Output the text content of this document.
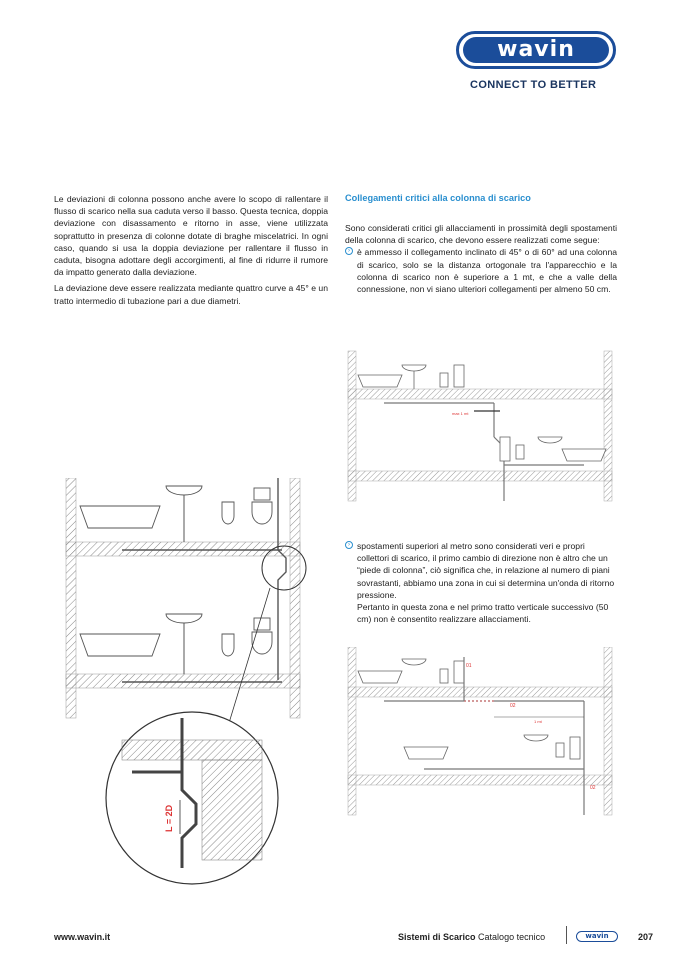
wavin
CONNECT TO BETTER

Le deviazioni di colonna possono anche avere lo scopo di rallentare il flusso di scarico nella sua caduta verso il basso. Questa tecnica, doppia deviazione con disassamento e ritorno in asse, viene utilizzata soprattutto in presenza di colonne dotate di braghe miscelatrici. In ogni caso, quando si usa la doppia deviazione per rallentare il flusso in caduta, bisogna adottare degli accorgimenti, al fine di ridurre il rumore da impatto generato dalla deviazione.

La deviazione deve essere realizzata mediante quattro curve a 45° e un tratto intermedio di tubazione pari a due diametri.

Collegamenti critici alla colonna di scarico

Sono considerati critici gli allacciamenti in prossimità degli spostamenti della colonna di scarico, che devono essere realizzati come segue:

› è ammesso il collegamento inclinato di 45° o di 60° ad una colonna di scarico, solo se la distanza ortogonale tra l'apparecchio e la colonna di scarico non è superiore a 1 mt, e che a valle della connessione, non vi siano ulteriori collegamenti per almeno 50 cm.
› spostamenti superiori al metro sono considerati veri e propri collettori di scarico, il primo cambio di direzione non è altro che un “piede di colonna”, ciò significa che, in relazione al numero di piani sovrastanti, abbiamo una zona in cui si determina un'onda di ritorno pressione.
Pertanto in questa zona e nel primo tratto verticale successivo (50 cm) non è consentito realizzare allacciamenti.
max 1 mt
01
02
1 mt
02
L = 2D
www.wavin.it	Sistemi di Scarico Catalogo tecnico	wavin	207
